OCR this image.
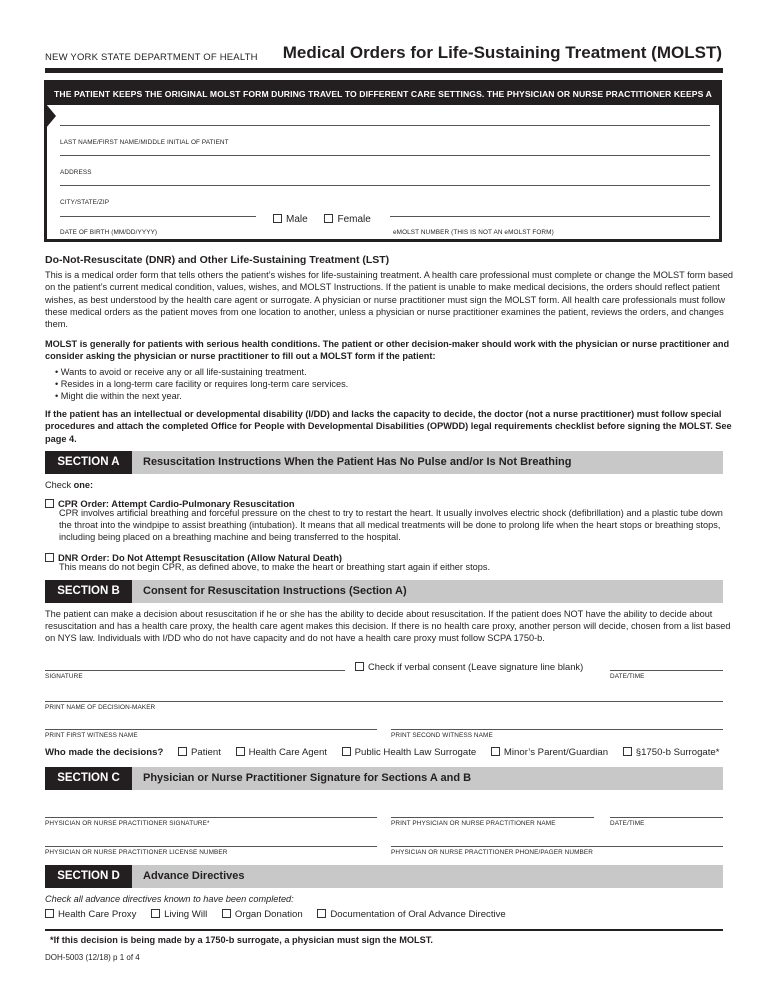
NEW YORK STATE DEPARTMENT OF HEALTH Medical Orders for Life-Sustaining Treatment (MOLST)
THE PATIENT KEEPS THE ORIGINAL MOLST FORM DURING TRAVEL TO DIFFERENT CARE SETTINGS. THE PHYSICIAN OR NURSE PRACTITIONER KEEPS A COPY.
LAST NAME/FIRST NAME/MIDDLE INITIAL OF PATIENT
ADDRESS
CITY/STATE/ZIP
DATE OF BIRTH (MM/DD/YYYY)
Male	Female
eMOLST NUMBER (THIS IS NOT AN eMOLST FORM)
Do-Not-Resuscitate (DNR) and Other Life-Sustaining Treatment (LST)
This is a medical order form that tells others the patient’s wishes for life-sustaining treatment. A health care professional must complete or change the MOLST form based on the patient’s current medical condition, values, wishes, and MOLST Instructions. If the patient is unable to make medical decisions, the orders should reflect patient wishes, as best understood by the health care agent or surrogate. A physician or nurse practitioner must sign the MOLST form. All health care professionals must follow these medical orders as the patient moves from one location to another, unless a physician or nurse practitioner examines the patient, reviews the orders, and changes them.
MOLST is generally for patients with serious health conditions. The patient or other decision-maker should work with the physician or nurse practitioner and consider asking the physician or nurse practitioner to fill out a MOLST form if the patient:
• Wants to avoid or receive any or all life-sustaining treatment.
• Resides in a long-term care facility or requires long-term care services.
• Might die within the next year.
If the patient has an intellectual or developmental disability (I/DD) and lacks the capacity to decide, the doctor (not a nurse practitioner) must follow special procedures and attach the completed Office for People with Developmental Disabilities (OPWDD) legal requirements checklist before signing the MOLST. See page 4.
SECTION A	Resuscitation Instructions When the Patient Has No Pulse and/or Is Not Breathing
Check one:
CPR Order: Attempt Cardio-Pulmonary Resuscitation
CPR involves artificial breathing and forceful pressure on the chest to try to restart the heart. It usually involves electric shock (defibrillation) and a plastic tube down the throat into the windpipe to assist breathing (intubation). It means that all medical treatments will be done to prolong life when the heart stops or breathing stops, including being placed on a breathing machine and being transferred to the hospital.
DNR Order: Do Not Attempt Resuscitation (Allow Natural Death)
This means do not begin CPR, as defined above, to make the heart or breathing start again if either stops.
SECTION B	Consent for Resuscitation Instructions (Section A)
The patient can make a decision about resuscitation if he or she has the ability to decide about resuscitation. If the patient does NOT have the ability to decide about resuscitation and has a health care proxy, the health care agent makes this decision. If there is no health care proxy, another person will decide, chosen from a list based on NYS law. Individuals with I/DD who do not have capacity and do not have a health care proxy must follow SCPA 1750-b.
SIGNATURE
Check if verbal consent (Leave signature line blank)
DATE/TIME
PRINT NAME OF DECISION-MAKER
PRINT FIRST WITNESS NAME	PRINT SECOND WITNESS NAME
Who made the decisions?	Patient	Health Care Agent	Public Health Law Surrogate	Minor’s Parent/Guardian	§1750-b Surrogate*
SECTION C	Physician or Nurse Practitioner Signature for Sections A and B
PHYSICIAN OR NURSE PRACTITIONER SIGNATURE*	PRINT PHYSICIAN OR NURSE PRACTITIONER NAME	DATE/TIME
PHYSICIAN OR NURSE PRACTITIONER LICENSE NUMBER	PHYSICIAN OR NURSE PRACTITIONER PHONE/PAGER NUMBER
SECTION D	Advance Directives
Check all advance directives known to have been completed:
Health Care Proxy	Living Will	Organ Donation	Documentation of Oral Advance Directive
*If this decision is being made by a 1750-b surrogate, a physician must sign the MOLST.
DOH-5003 (12/18) p 1 of 4
